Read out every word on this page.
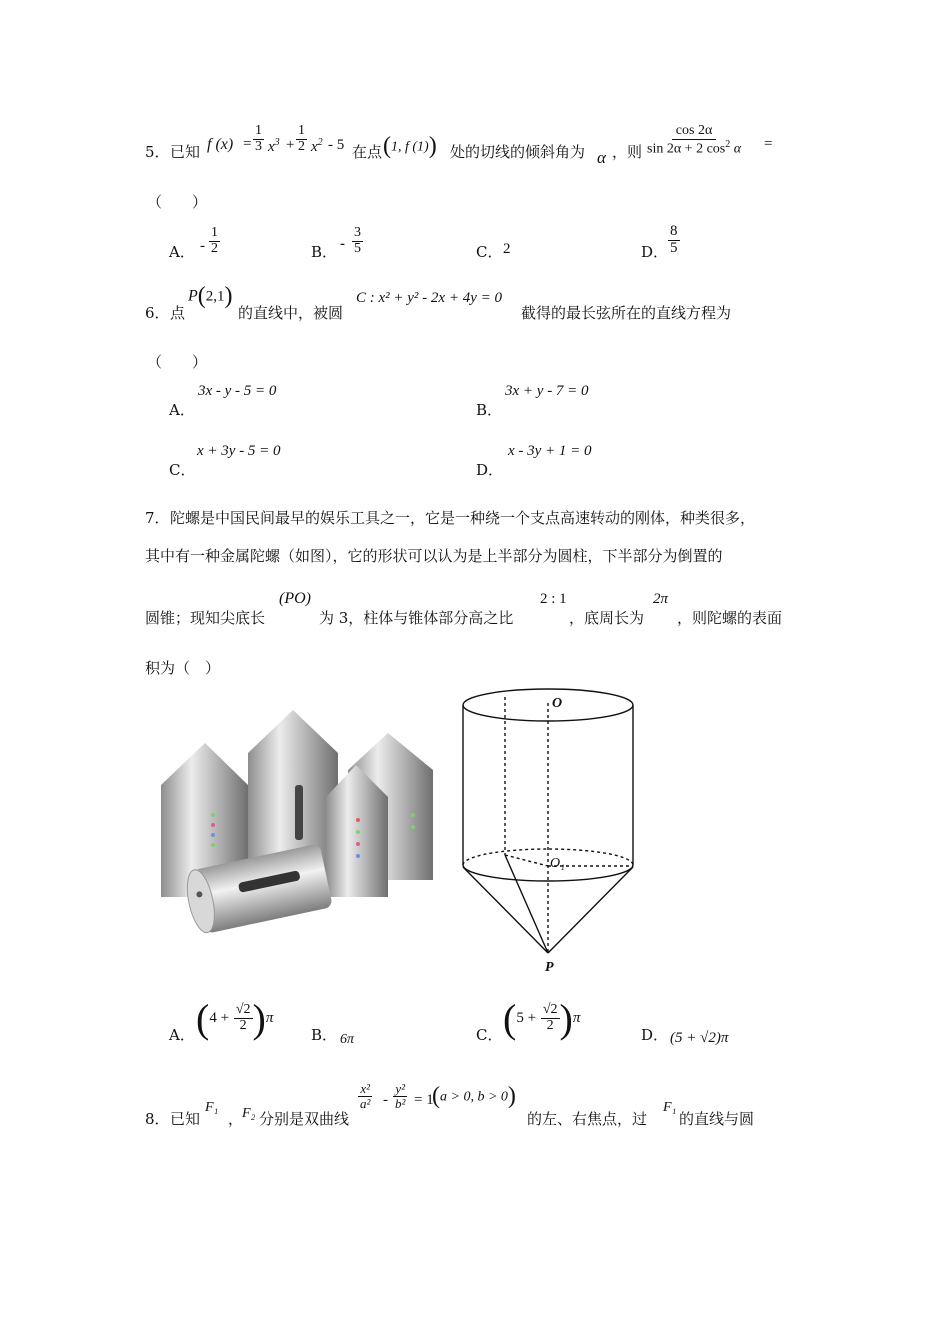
5． 已知 f $(x) = \frac{1}{3} x^3 + \frac{1}{2} x^2 - 5$ 在点 (1, f (1)) 处的切线的倾斜角为 α ，则 $\frac{\cos 2\alpha}{\sin 2\alpha + 2 \cos^2 \alpha}$ =
（　　）
A． - $\frac{1}{2}$	B． - $\frac{3}{5}$	C． 2	D． $\frac{8}{5}$
6． 点
P(2,1)
的直线中，被圆
C : x² + y² - 2x + 4y = 0
截得的最长弦所在的直线方程为
（　　）
A．
3x - y - 5 = 0
B．
3x + y - 7 = 0
C．
x + 3y - 5 = 0
D．
x - 3y + 1 = 0
7． 陀螺是中国民间最早的娱乐工具之一，它是一种绕一个支点高速转动的刚体，种类很多，
其中有一种金属陀螺（如图），它的形状可以认为是上半部分为圆柱，下半部分为倒置的
圆锥；现知尖底长
(PO)
为 3，柱体与锥体部分高之比
2 : 1
，底周长为
2π
，则陀螺的表面
积为（　）
O
O₁
P
A． $(4 + \frac{√2}{2} )\pi$
B． 6π	C． $(5 + \frac{√2}{2} )\pi$
D． (5 + √2)π
8． 已知
F₁
，
F₂ 分别是双曲线
$\frac{\text{x²}}{\text{a²}} - \frac{\text{y²}}{\text{b²}} = 1$
(a > 0, b > 0)
的左、右焦点，过
F₁
的直线与圆
